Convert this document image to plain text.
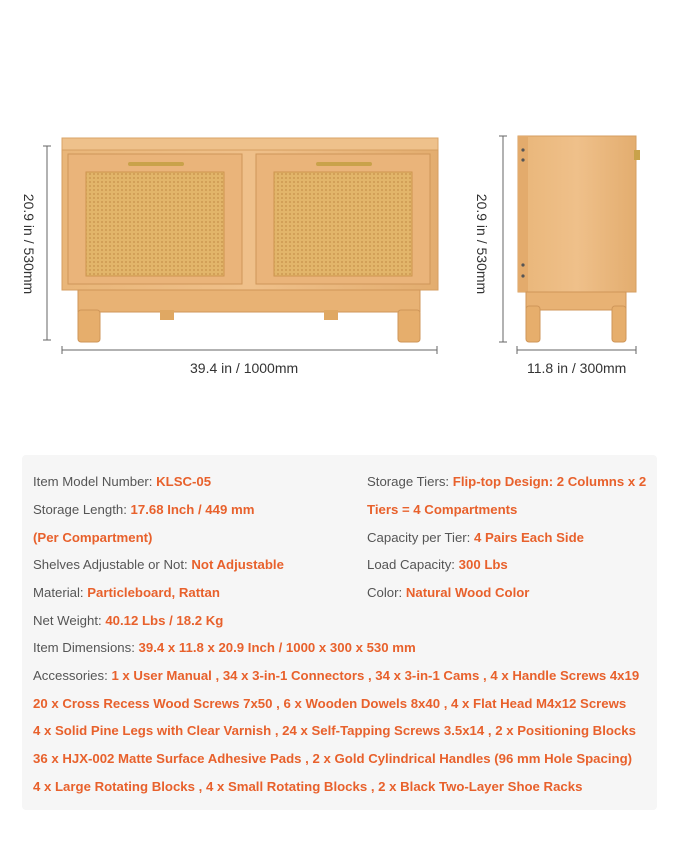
20.9 in / 530mm
39.4 in / 1000mm
20.9 in / 530mm
11.8 in / 300mm
Item Model Number: KLSC-05
Storage Length: 17.68 Inch / 449 mm
(Per Compartment)
Shelves Adjustable or Not: Not Adjustable
Material: Particleboard, Rattan
Net Weight: 40.12 Lbs / 18.2 Kg
Storage Tiers: Flip-top Design: 2 Columns x 2
Tiers = 4 Compartments
Capacity per Tier: 4 Pairs Each Side
Load Capacity: 300 Lbs
Color: Natural Wood Color
Item Dimensions: 39.4 x 11.8 x 20.9 Inch / 1000 x 300 x 530 mm
Accessories: 1 x User Manual , 34 x 3-in-1 Connectors , 34 x 3-in-1 Cams , 4 x Handle Screws 4x19
20 x Cross Recess Wood Screws 7x50 , 6 x Wooden Dowels 8x40 , 4 x Flat Head M4x12 Screws
4 x Solid Pine Legs with Clear Varnish , 24 x Self-Tapping Screws 3.5x14 , 2 x Positioning Blocks
36 x HJX-002 Matte Surface Adhesive Pads , 2 x Gold Cylindrical Handles (96 mm Hole Spacing)
4 x Large Rotating Blocks , 4 x Small Rotating Blocks , 2 x Black Two-Layer Shoe Racks
